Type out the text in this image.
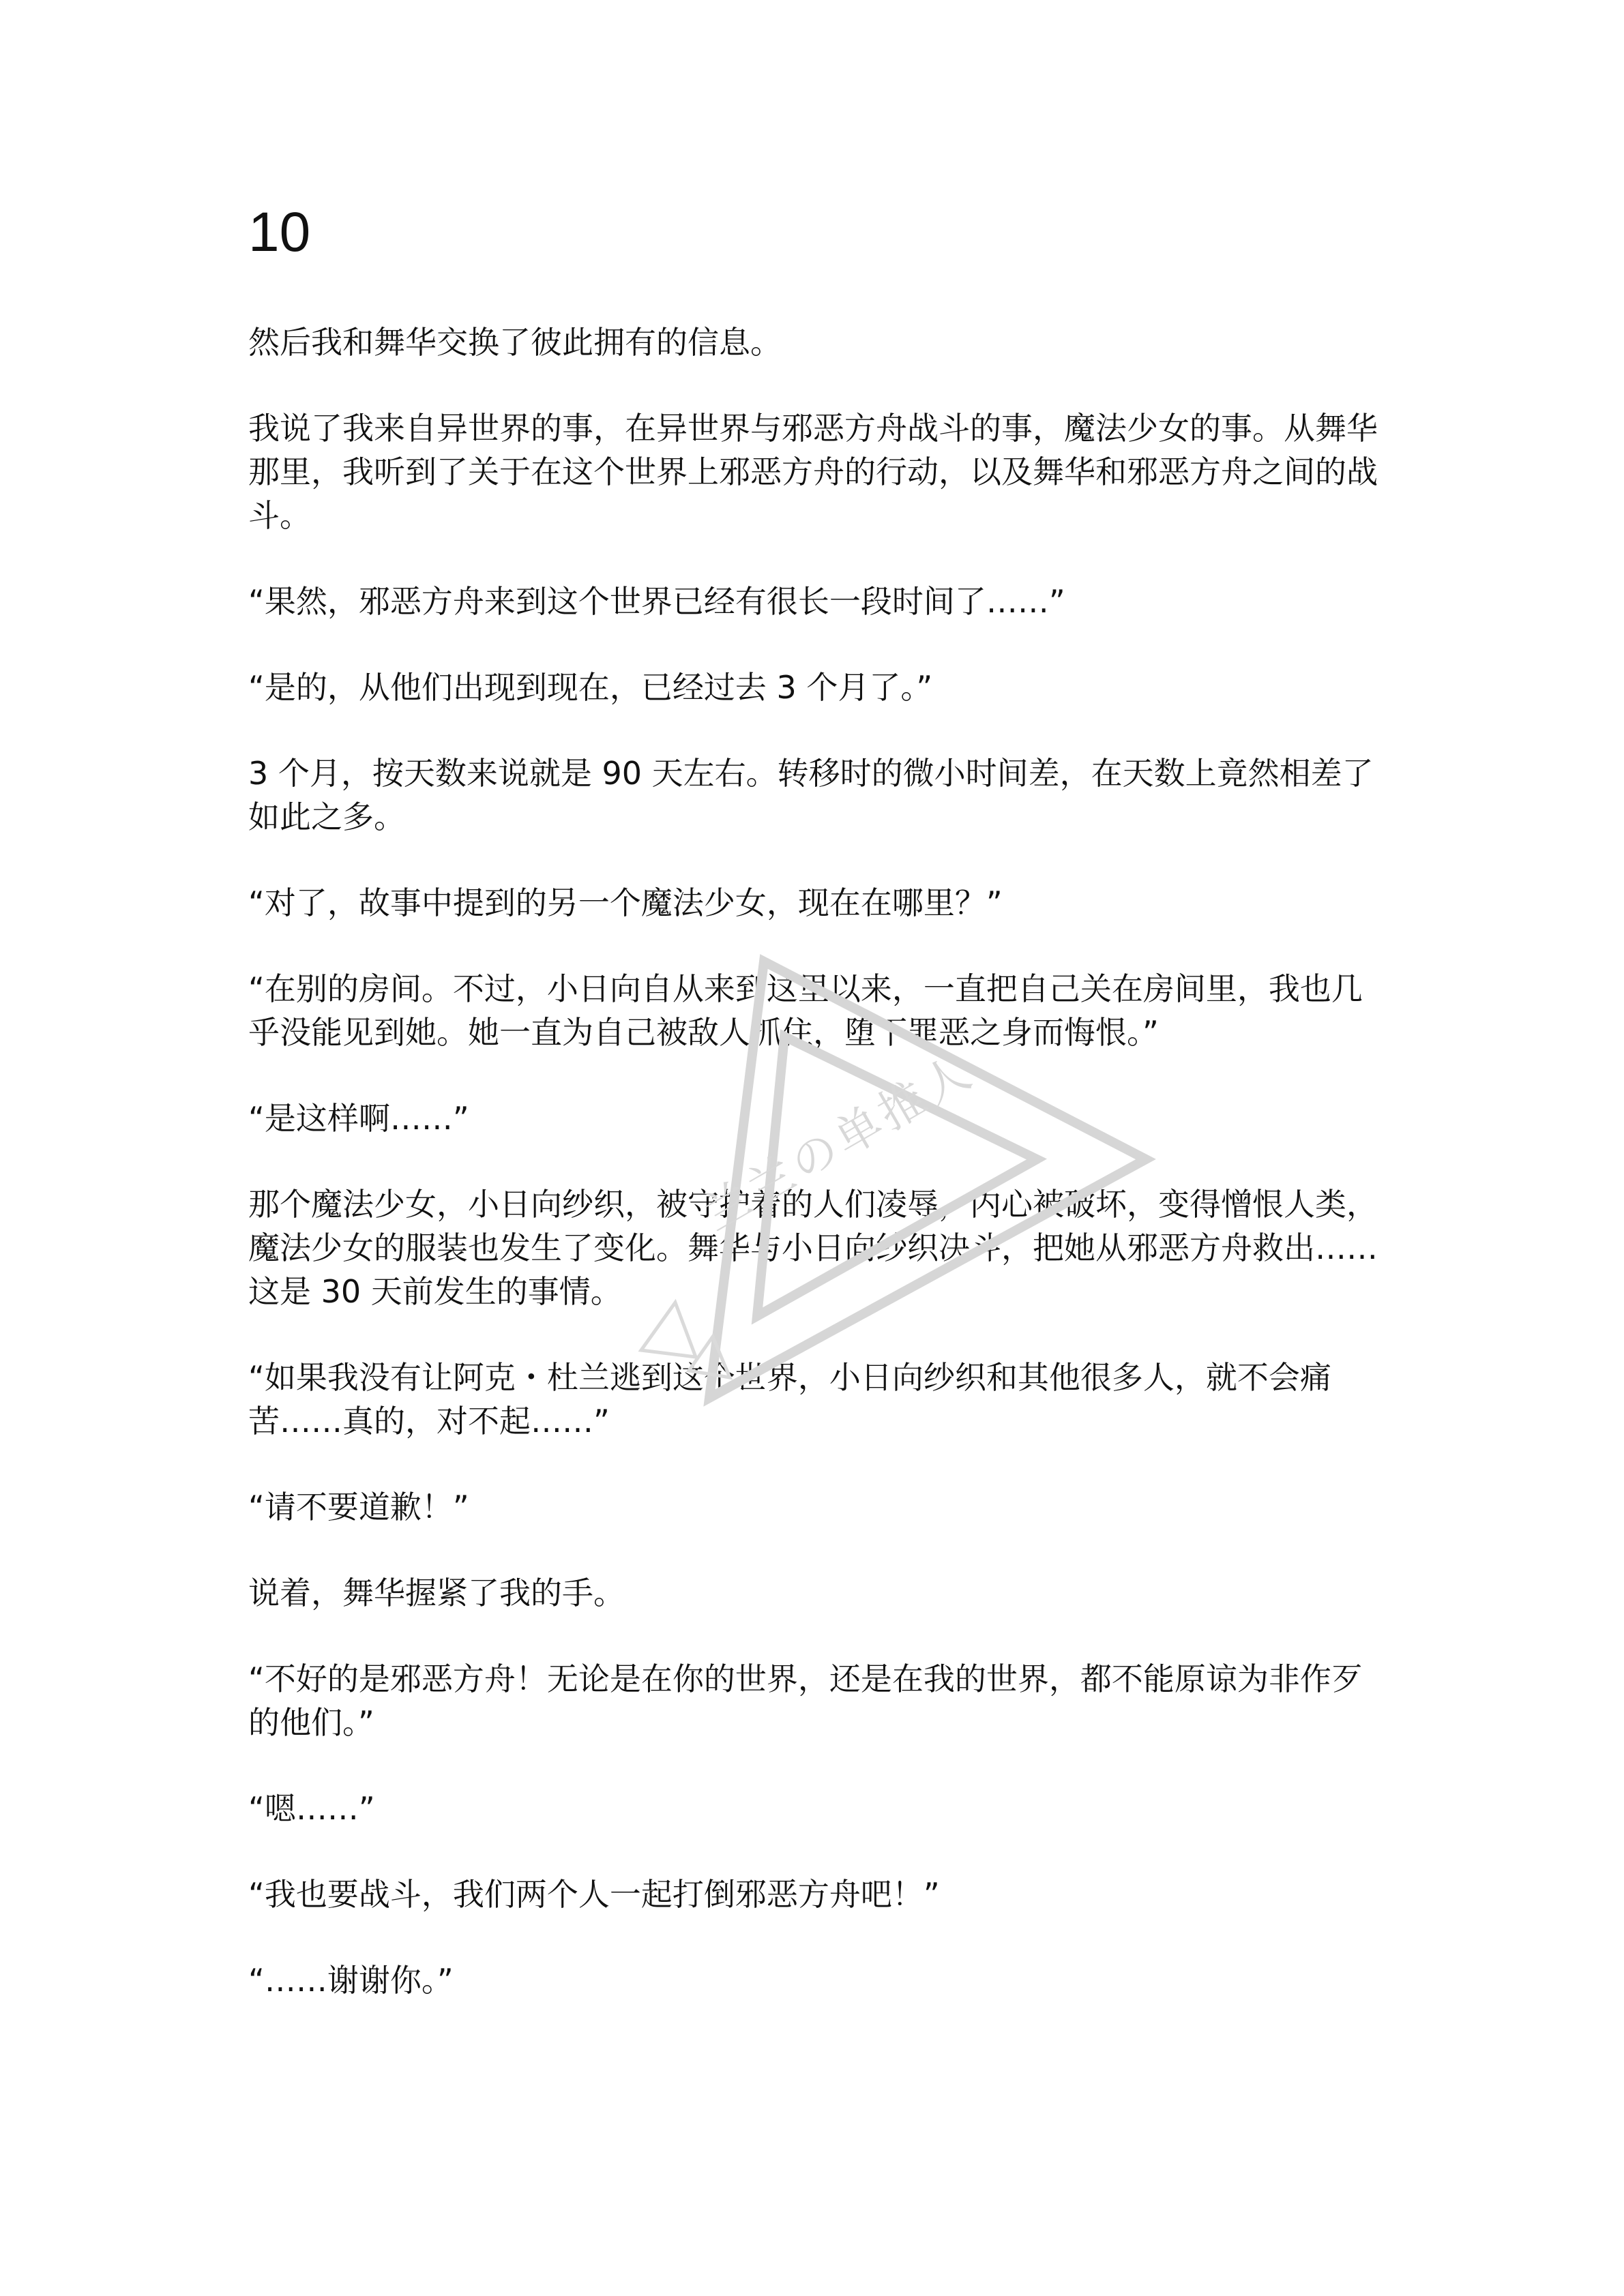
10

然后我和舞华交换了彼此拥有的信息。

我说了我来自异世界的事，在异世界与邪恶方舟战斗的事，魔法少女的事。从舞华那里，我听到了关于在这个世界上邪恶方舟的行动，以及舞华和邪恶方舟之间的战斗。

“果然，邪恶方舟来到这个世界已经有很长一段时间了……”

“是的，从他们出现到现在，已经过去 3 个月了。”

3 个月，按天数来说就是 90 天左右。转移时的微小时间差，在天数上竟然相差了如此之多。

“对了，故事中提到的另一个魔法少女，现在在哪里？”

“在别的房间。不过，小日向自从来到这里以来，一直把自己关在房间里，我也几乎没能见到她。她一直为自己被敌人抓住，堕下罪恶之身而悔恨。”

“是这样啊……”

那个魔法少女，小日向纱织，被守护着的人们凌辱，内心被破坏，变得憎恨人类，魔法少女的服装也发生了变化。舞华与小日向纱织决斗，把她从邪恶方舟救出……这是 30 天前发生的事情。

“如果我没有让阿克・杜兰逃到这个世界，小日向纱织和其他很多人，就不会痛苦……真的，对不起……”

“请不要道歉！”

说着，舞华握紧了我的手。

“不好的是邪恶方舟！无论是在你的世界，还是在我的世界，都不能原谅为非作歹的他们。”

“嗯……”

“我也要战斗，我们两个人一起打倒邪恶方舟吧！”

“……谢谢你。”

兰兰の单推人
